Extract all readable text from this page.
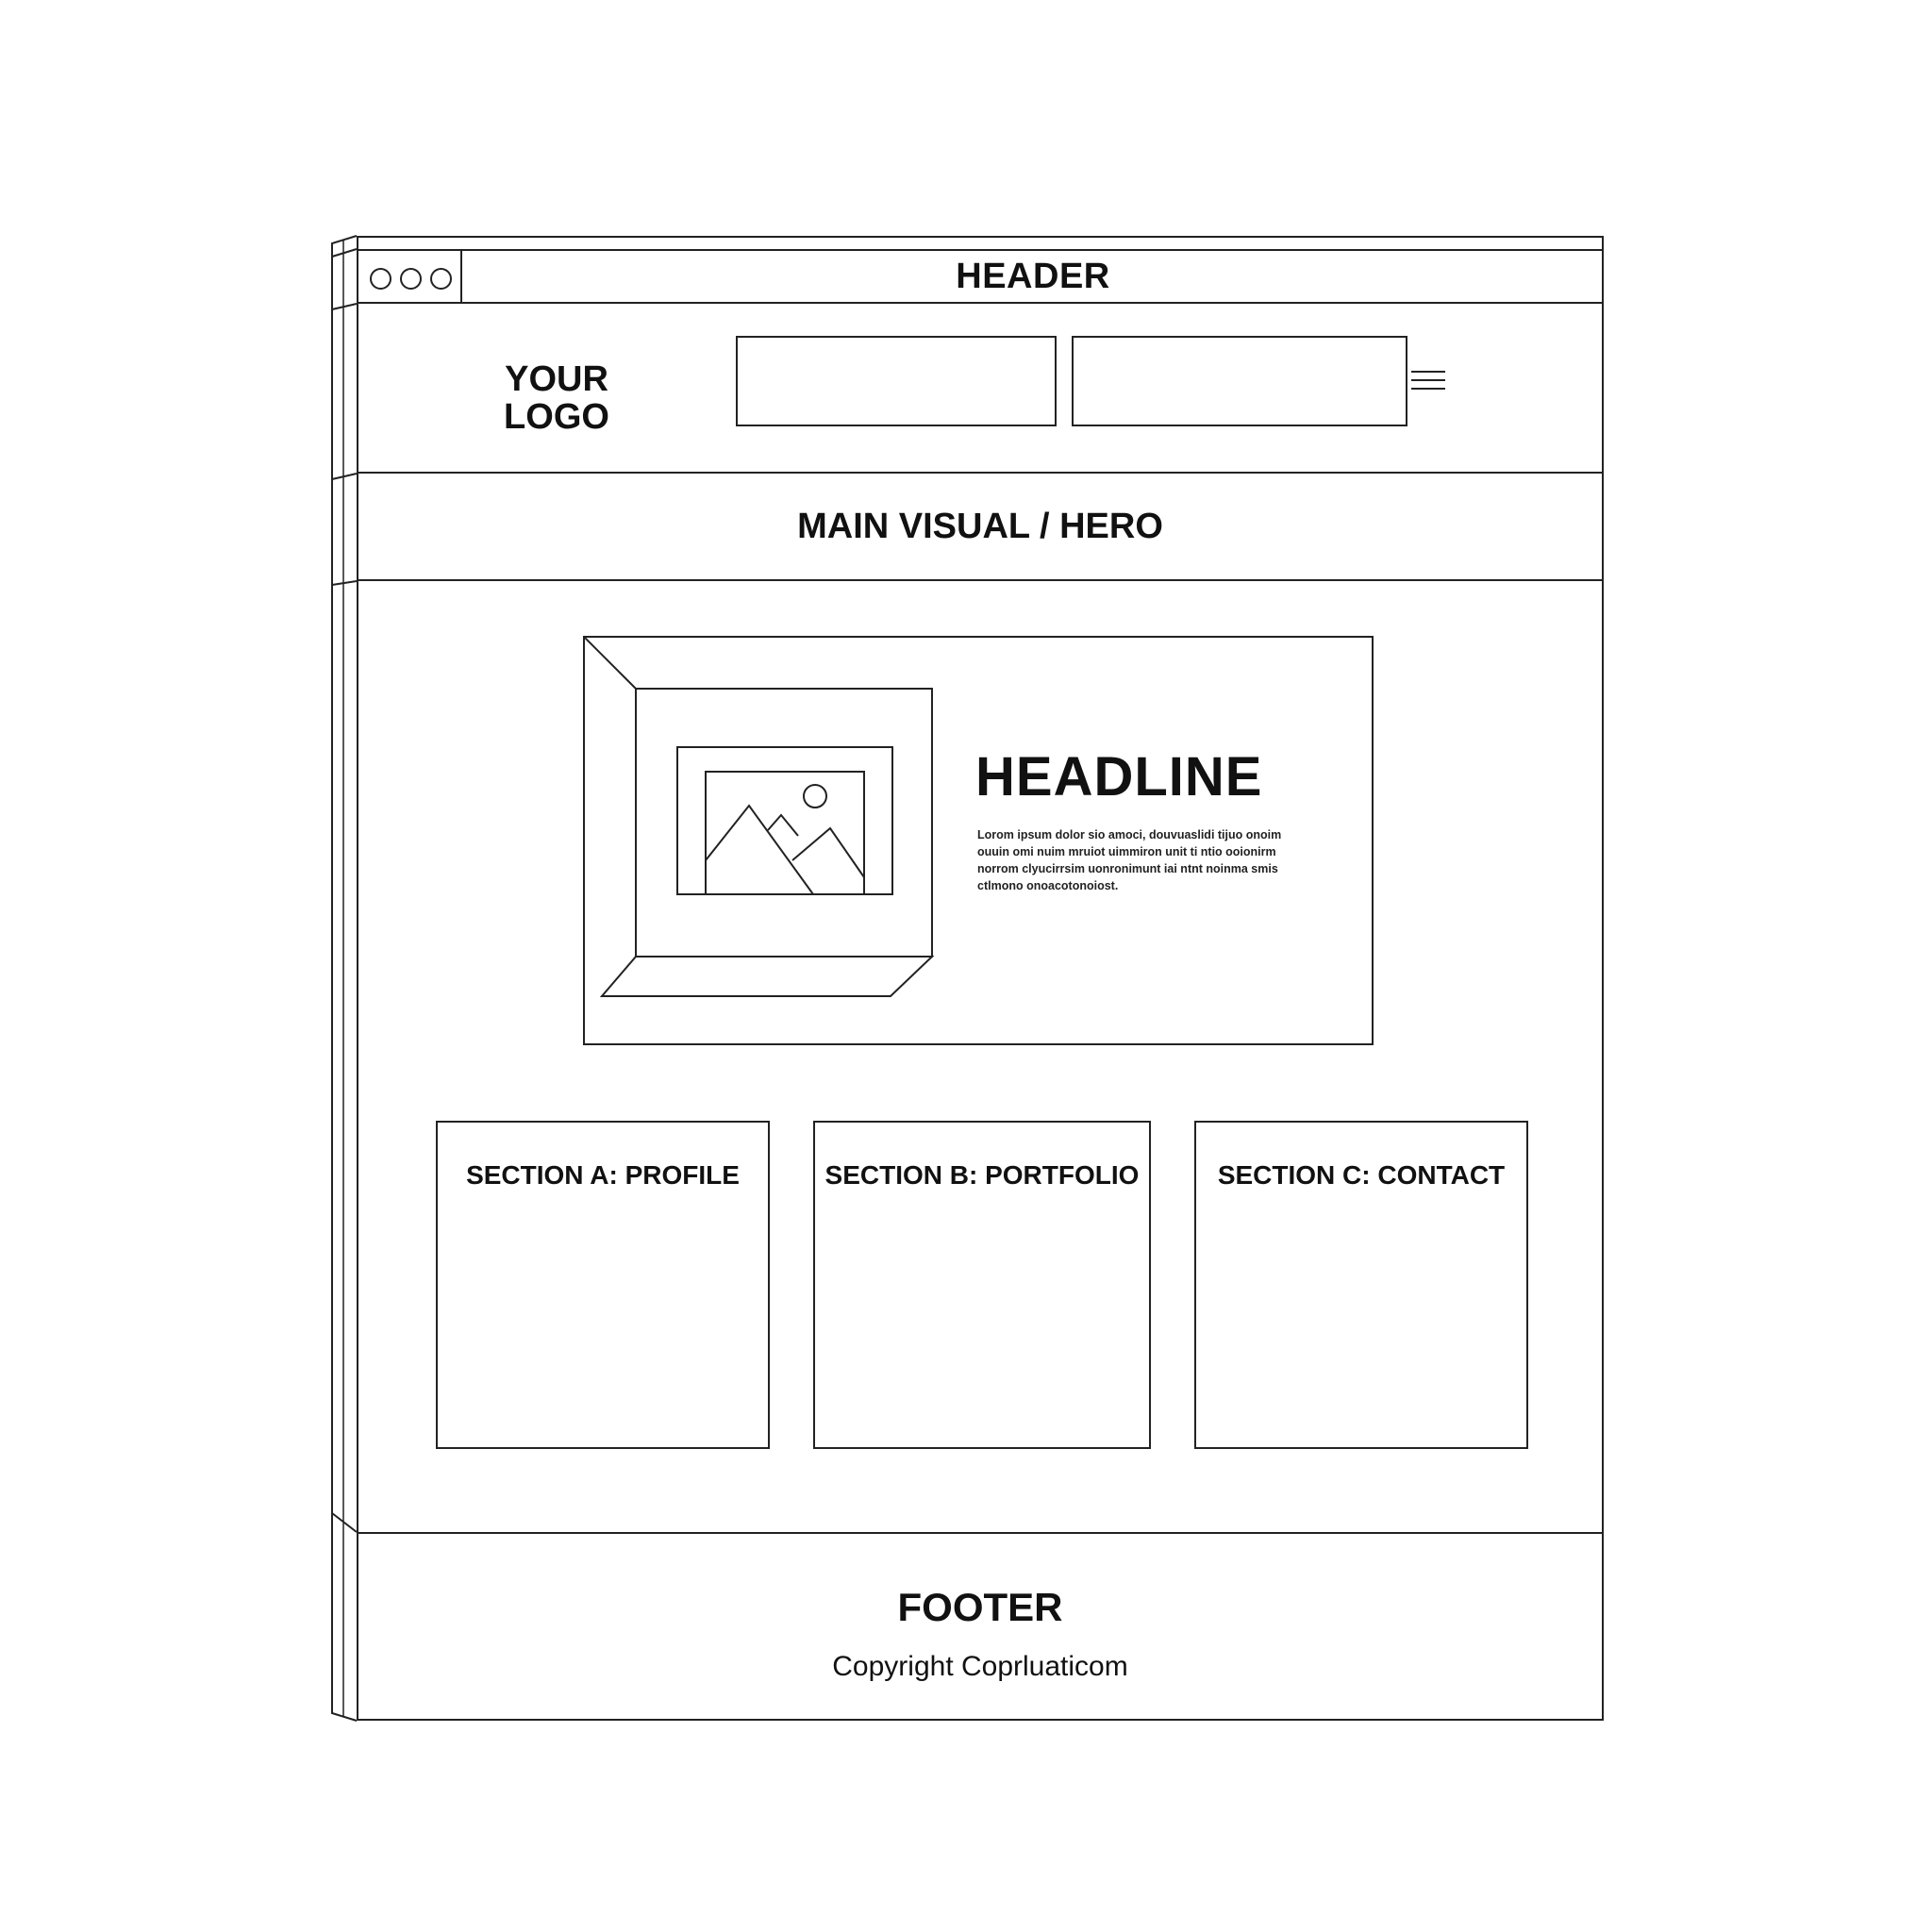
HEADER
YOUR
LOGO
MAIN VISUAL / HERO
HEADLINE
Lorom ipsum dolor sio amoci, douvuaslidi tijuo onoim ouuin omi nuim mruiot uimmiron unit ti ntio ooionirm norrom clyucirrsim uonronimunt iai ntnt noinma smis ctlmono onoacotonoiost.
SECTION A: PROFILE	SECTION B: PORTFOLIO	SECTION C: CONTACT
FOOTER
Copyright Coprluaticom
